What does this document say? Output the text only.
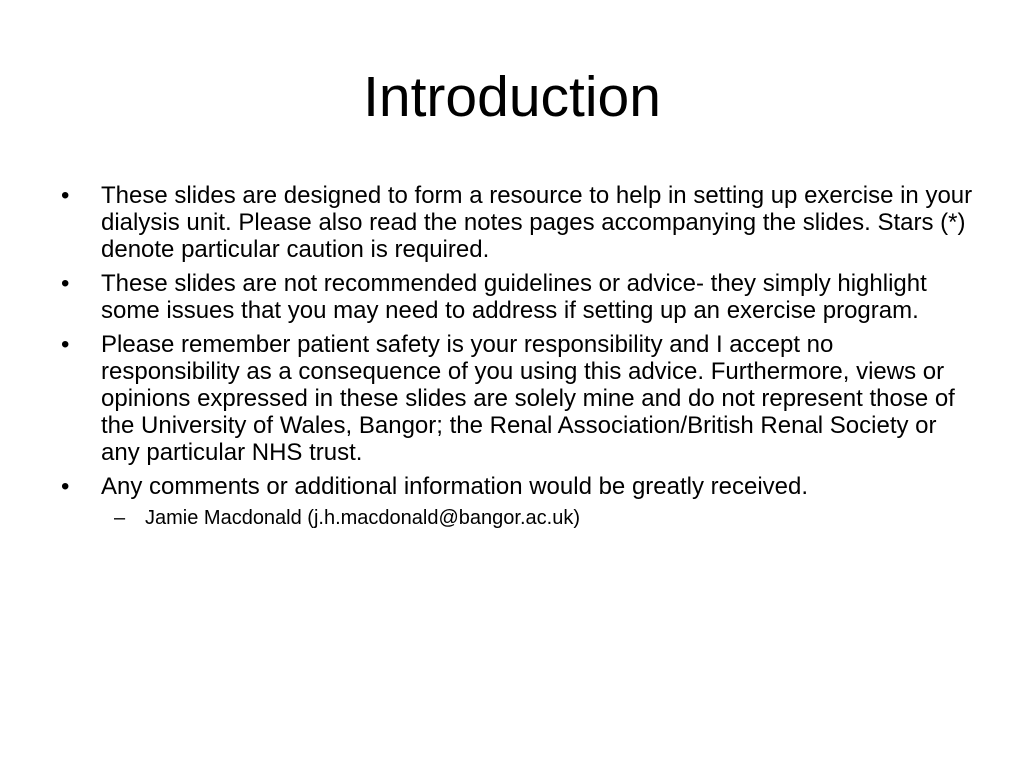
Introduction
• These slides are designed to form a resource to help in setting up exercise in your dialysis unit. Please also read the notes pages accompanying the slides. Stars (*) denote particular caution is required.
• These slides are not recommended guidelines or advice- they simply highlight some issues that you may need to address if setting up an exercise program.
• Please remember patient safety is your responsibility and I accept no responsibility as a consequence of you using this advice. Furthermore, views or opinions expressed in these slides are solely mine and do not represent those of the University of Wales, Bangor; the Renal Association/British Renal Society or any particular NHS trust.
• Any comments or additional information would be greatly received.
– Jamie Macdonald (j.h.macdonald@bangor.ac.uk)
